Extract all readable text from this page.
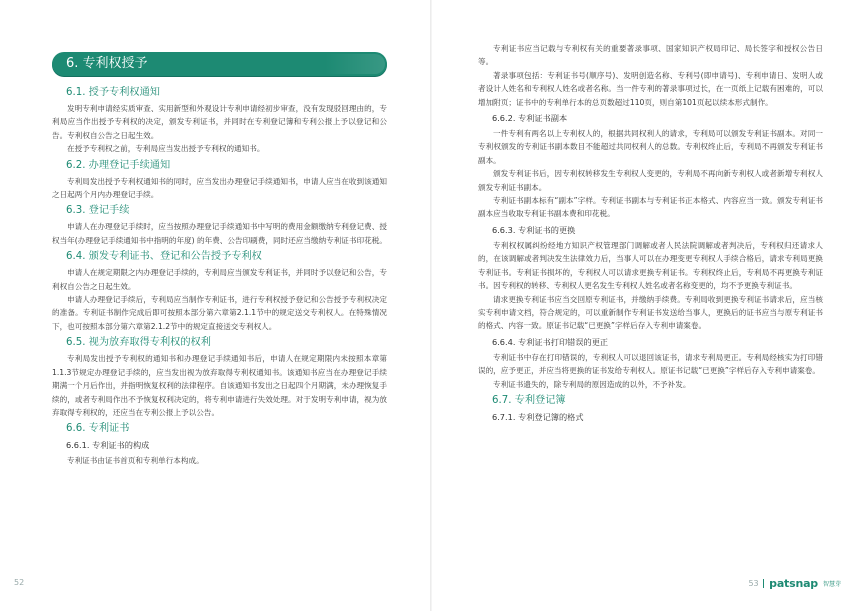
6. 专利权授予
6.1. 授予专利权通知

发明专利申请经实质审查、实用新型和外观设计专利申请经初步审查，没有发现驳回理由的，专利局应当作出授予专利权的决定，颁发专利证书，并同时在专利登记簿和专利公报上予以登记和公告。专利权自公告之日起生效。

在授予专利权之前，专利局应当发出授予专利权的通知书。

6.2. 办理登记手续通知

专利局发出授予专利权通知书的同时，应当发出办理登记手续通知书，申请人应当在收到该通知之日起两个月内办理登记手续。

6.3. 登记手续

申请人在办理登记手续时，应当按照办理登记手续通知书中写明的费用金额缴纳专利登记费、授权当年(办理登记手续通知书中指明的年度) 的年费、公告印刷费，同时还应当缴纳专利证书印花税。

6.4. 颁发专利证书、登记和公告授予专利权

申请人在规定期限之内办理登记手续的，专利局应当颁发专利证书，并同时予以登记和公告，专利权自公告之日起生效。

申请人办理登记手续后，专利局应当制作专利证书，进行专利权授予登记和公告授予专利权决定的准备。专利证书制作完成后即可按照本部分第六章第2.1.1节中的规定送交专利权人。在特殊情况下，也可按照本部分第六章第2.1.2节中的规定直接送交专利权人。

6.5. 视为放弃取得专利权的权利

专利局发出授予专利权的通知书和办理登记手续通知书后，申请人在规定期限内未按照本章第1.1.3节规定办理登记手续的，应当发出视为放弃取得专利权通知书。该通知书应当在办理登记手续期满一个月后作出，并指明恢复权利的法律程序。自该通知书发出之日起四个月期满，未办理恢复手续的，或者专利局作出不予恢复权利决定的，将专利申请进行失效处理。对于发明专利申请，视为放弃取得专利权的，还应当在专利公报上予以公告。

6.6. 专利证书
6.6.1. 专利证书的构成

专利证书由证书首页和专利单行本构成。

52

专利证书应当记载与专利权有关的重要著录事项、国家知识产权局印记、局长签字和授权公告日等。

著录事项包括：专利证书号(顺序号)、发明创造名称、专利号(即申请号)、专利申请日、发明人或者设计人姓名和专利权人姓名或者名称。当一件专利的著录事项过长，在一页纸上记载有困难的，可以增加附页；证书中的专利单行本的总页数超过110页，则自第101页起以续本形式制作。

6.6.2. 专利证书副本

一件专利有两名以上专利权人的，根据共同权利人的请求，专利局可以颁发专利证书副本。对同一专利权颁发的专利证书副本数目不能超过共同权利人的总数。专利权终止后，专利局不再颁发专利证书副本。

颁发专利证书后，因专利权转移发生专利权人变更的，专利局不再向新专利权人或者新增专利权人颁发专利证书副本。

专利证书副本标有“副本”字样。专利证书副本与专利证书正本格式、内容应当一致。颁发专利证书副本应当收取专利证书副本费和印花税。

6.6.3. 专利证书的更换

专利权权属纠纷经地方知识产权管理部门调解或者人民法院调解或者判决后，专利权归还请求人的，在该调解或者判决发生法律效力后，当事人可以在办理变更专利权人手续合格后，请求专利局更换专利证书。专利证书损坏的，专利权人可以请求更换专利证书。专利权终止后，专利局不再更换专利证书。因专利权的转移、专利权人更名发生专利权人姓名或者名称变更的，均不予更换专利证书。

请求更换专利证书应当交回原专利证书，并缴纳手续费。专利局收到更换专利证书请求后，应当核实专利申请文档，符合规定的，可以重新制作专利证书发送给当事人，更换后的证书应当与原专利证书的格式、内容一致。原证书记载“已更换”字样后存入专利申请案卷。

6.6.4. 专利证书打印错误的更正

专利证书中存在打印错误的，专利权人可以退回该证书，请求专利局更正。专利局经核实为打印错误的，应予更正，并应当将更换的证书发给专利权人。原证书记载“已更换”字样后存入专利申请案卷。

专利证书遗失的，除专利局的原因造成的以外，不予补发。

6.7. 专利登记簿
6.7.1. 专利登记簿的格式
53 patsnap 智慧芽
